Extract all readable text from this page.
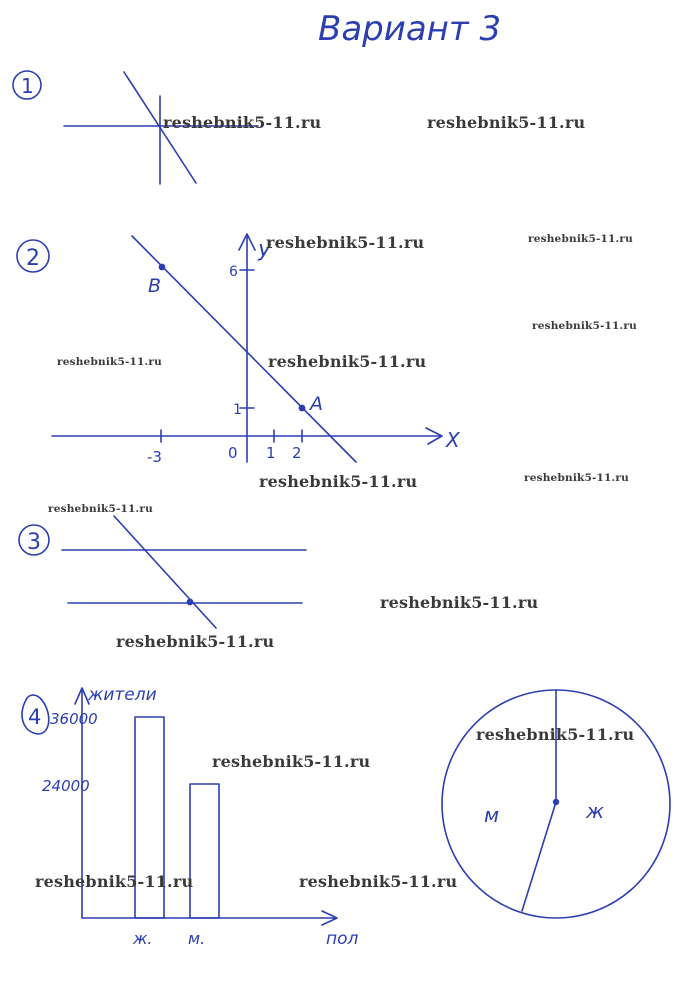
Вариант 3
1
2
X
y
6
1
-3	0 1 2
B
A
3
4
жители
пол
36000
24000
ж. м.
м	ж
reshebnik5-11.ru	reshebnik5-11.ru
reshebnik5-11.ru	reshebnik5-11.ru
reshebnik5-11.ru
reshebnik5-11.ru	reshebnik5-11.ru
reshebnik5-11.ru	reshebnik5-11.ru
reshebnik5-11.ru
reshebnik5-11.ru
reshebnik5-11.ru
reshebnik5-11.ru
reshebnik5-11.ru
reshebnik5-11.ru	reshebnik5-11.ru
